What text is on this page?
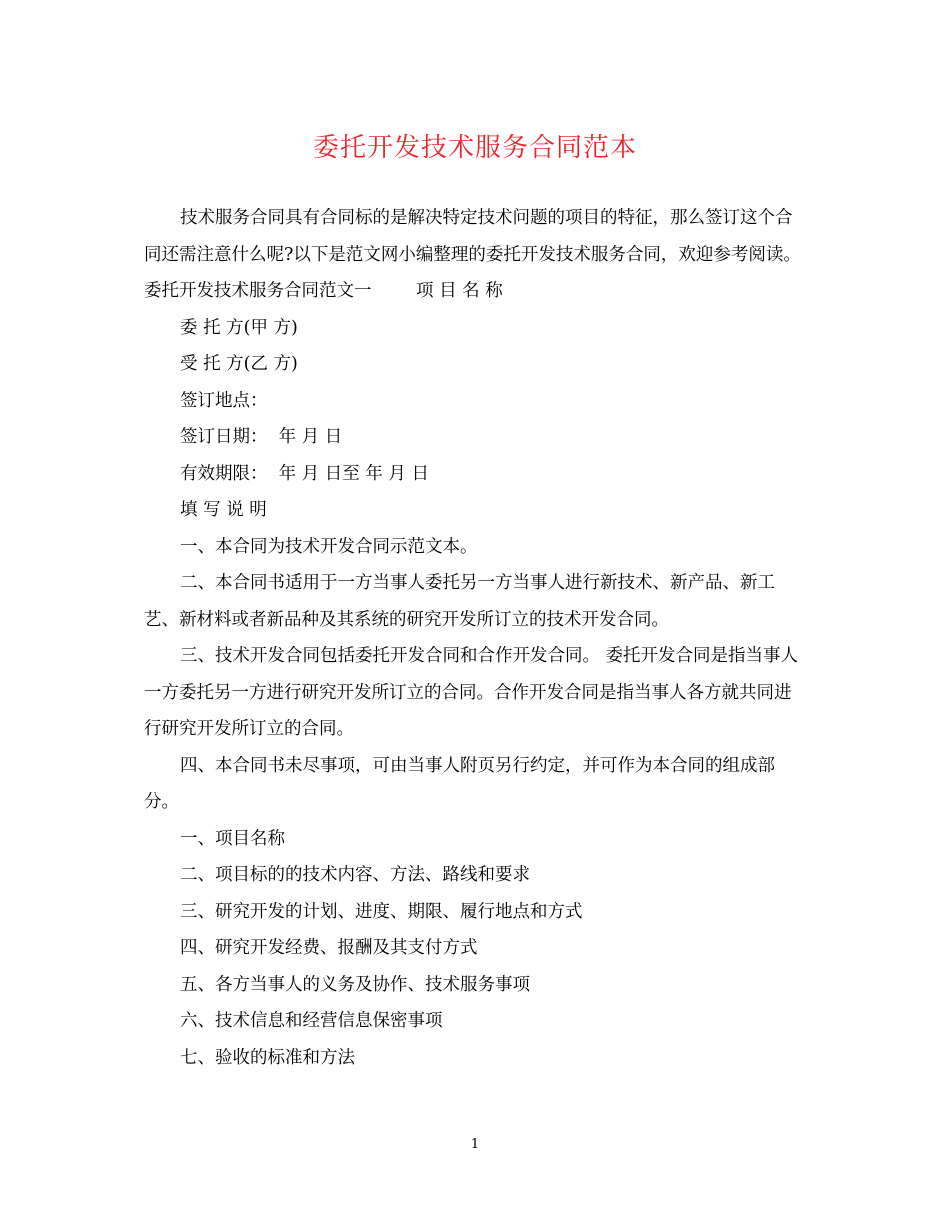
委托开发技术服务合同范本

技术服务合同具有合同标的是解决特定技术问题的项目的特征，那么签订这个合同还需注意什么呢?以下是范文网小编整理的委托开发技术服务合同，欢迎参考阅读。

委托开发技术服务合同范文一        项 目 名 称

委 托 方(甲 方)

受 托 方(乙 方)

签订地点：

签订日期：  年 月 日

有效期限：  年 月 日至 年 月 日

填 写 说 明

一、本合同为技术开发合同示范文本。

二、本合同书适用于一方当事人委托另一方当事人进行新技术、新产品、新工艺、新材料或者新品种及其系统的研究开发所订立的技术开发合同。

三、技术开发合同包括委托开发合同和合作开发合同。 委托开发合同是指当事人一方委托另一方进行研究开发所订立的合同。合作开发合同是指当事人各方就共同进行研究开发所订立的合同。

四、本合同书未尽事项，可由当事人附页另行约定，并可作为本合同的组成部分。

一、项目名称

二、项目标的的技术内容、方法、路线和要求

三、研究开发的计划、进度、期限、履行地点和方式

四、研究开发经费、报酬及其支付方式

五、各方当事人的义务及协作、技术服务事项

六、技术信息和经营信息保密事项

七、验收的标准和方法

1
